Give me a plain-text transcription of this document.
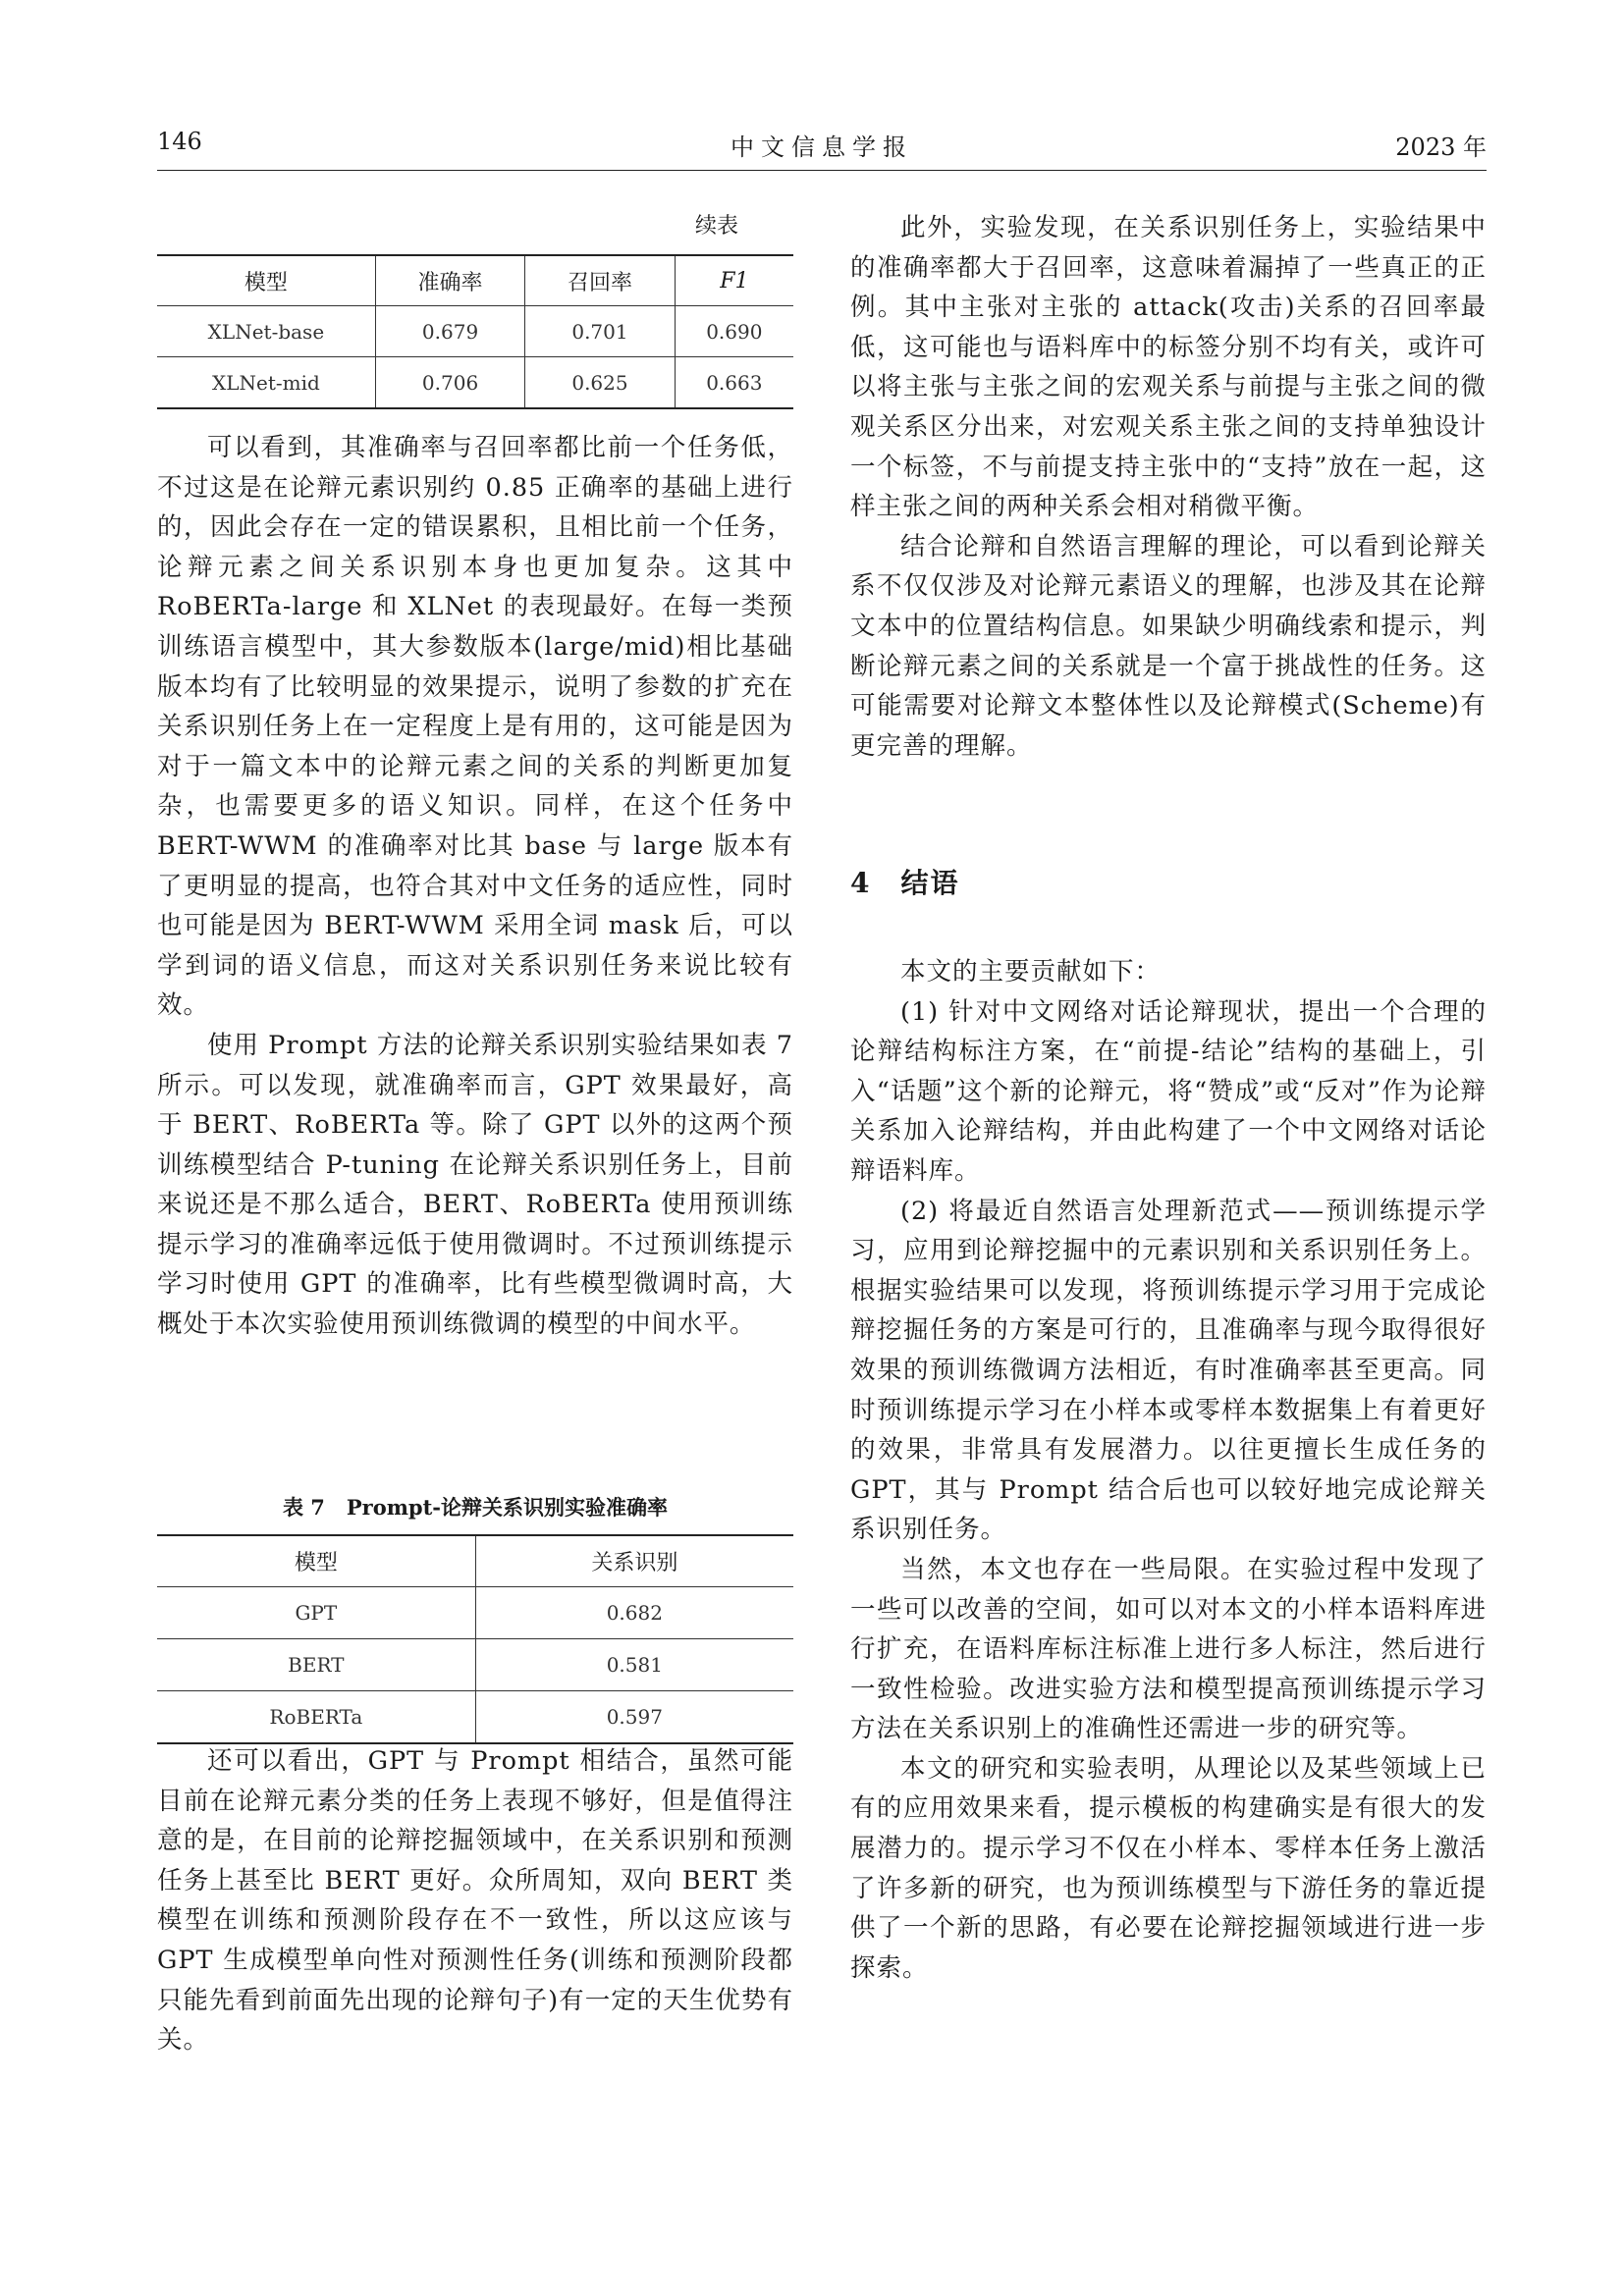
146	中文信息学报	2023 年
续表
模型	准确率	召回率	F1
XLNet-base	0.679	0.701	0.690
XLNet-mid	0.706	0.625	0.663

可以看到，其准确率与召回率都比前一个任务低，不过这是在论辩元素识别约 0.85 正确率的基础上进行的，因此会存在一定的错误累积，且相比前一个任务，论辩元素之间关系识别本身也更加复杂。这其中 RoBERTa-large 和 XLNet 的表现最好。在每一类预训练语言模型中，其大参数版本(large/mid)相比基础版本均有了比较明显的效果提示，说明了参数的扩充在关系识别任务上在一定程度上是有用的，这可能是因为对于一篇文本中的论辩元素之间的关系的判断更加复杂，也需要更多的语义知识。同样，在这个任务中 BERT-WWM 的准确率对比其 base 与 large 版本有了更明显的提高，也符合其对中文任务的适应性，同时也可能是因为 BERT-WWM 采用全词 mask 后，可以学到词的语义信息，而这对关系识别任务来说比较有效。

使用 Prompt 方法的论辩关系识别实验结果如表 7 所示。可以发现，就准确率而言，GPT 效果最好，高于 BERT、RoBERTa 等。除了 GPT 以外的这两个预训练模型结合 P-tuning 在论辩关系识别任务上，目前来说还是不那么适合，BERT、RoBERTa 使用预训练提示学习的准确率远低于使用微调时。不过预训练提示学习时使用 GPT 的准确率，比有些模型微调时高，大概处于本次实验使用预训练微调的模型的中间水平。

表 7 Prompt-论辩关系识别实验准确率
模型	关系识别
GPT	0.682
BERT	0.581
RoBERTa	0.597

还可以看出，GPT 与 Prompt 相结合，虽然可能目前在论辩元素分类的任务上表现不够好，但是值得注意的是，在目前的论辩挖掘领域中，在关系识别和预测任务上甚至比 BERT 更好。众所周知，双向 BERT 类模型在训练和预测阶段存在不一致性，所以这应该与 GPT 生成模型单向性对预测性任务(训练和预测阶段都只能先看到前面先出现的论辩句子)有一定的天生优势有关。

此外，实验发现，在关系识别任务上，实验结果中的准确率都大于召回率，这意味着漏掉了一些真正的正例。其中主张对主张的 attack(攻击)关系的召回率最低，这可能也与语料库中的标签分别不均有关，或许可以将主张与主张之间的宏观关系与前提与主张之间的微观关系区分出来，对宏观关系主张之间的支持单独设计一个标签，不与前提支持主张中的“支持”放在一起，这样主张之间的两种关系会相对稍微平衡。

结合论辩和自然语言理解的理论，可以看到论辩关系不仅仅涉及对论辩元素语义的理解，也涉及其在论辩文本中的位置结构信息。如果缺少明确线索和提示，判断论辩元素之间的关系就是一个富于挑战性的任务。这可能需要对论辩文本整体性以及论辩模式(Scheme)有更完善的理解。

4 结语

本文的主要贡献如下：

(1) 针对中文网络对话论辩现状，提出一个合理的论辩结构标注方案，在“前提-结论”结构的基础上，引入“话题”这个新的论辩元，将“赞成”或“反对”作为论辩关系加入论辩结构，并由此构建了一个中文网络对话论辩语料库。

(2) 将最近自然语言处理新范式——预训练提示学习，应用到论辩挖掘中的元素识别和关系识别任务上。根据实验结果可以发现，将预训练提示学习用于完成论辩挖掘任务的方案是可行的，且准确率与现今取得很好效果的预训练微调方法相近，有时准确率甚至更高。同时预训练提示学习在小样本或零样本数据集上有着更好的效果，非常具有发展潜力。以往更擅长生成任务的 GPT，其与 Prompt 结合后也可以较好地完成论辩关系识别任务。

当然，本文也存在一些局限。在实验过程中发现了一些可以改善的空间，如可以对本文的小样本语料库进行扩充，在语料库标注标准上进行多人标注，然后进行一致性检验。改进实验方法和模型提高预训练提示学习方法在关系识别上的准确性还需进一步的研究等。

本文的研究和实验表明，从理论以及某些领域上已有的应用效果来看，提示模板的构建确实是有很大的发展潜力的。提示学习不仅在小样本、零样本任务上激活了许多新的研究，也为预训练模型与下游任务的靠近提供了一个新的思路，有必要在论辩挖掘领域进行进一步探索。
